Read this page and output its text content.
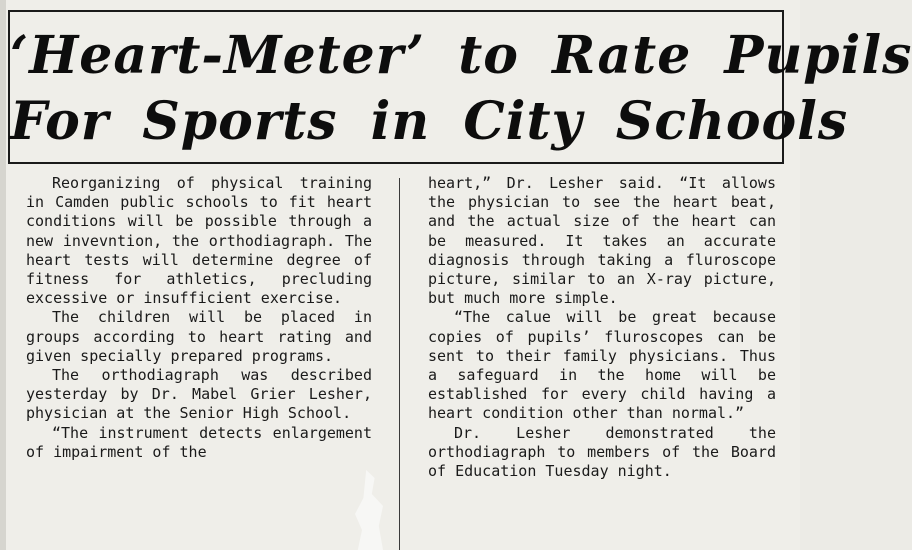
‘Heart-Meter’ to Rate Pupils
For Sports in City Schools

Reorganizing of physical training in Camden public schools to fit heart conditions will be possible through a new invevntion, the orthodiagraph. The heart tests will determine degree of fitness for athletics, precluding excessive or insufficient exercise.

The children will be placed in groups according to heart rating and given specially prepared programs.

The orthodiagraph was described yesterday by Dr. Mabel Grier Lesher, physician at the Senior High School.

“The instrument detects enlargement of impairment of the

heart,” Dr. Lesher said. “It allows the physician to see the heart beat, and the actual size of the heart can be measured. It takes an accurate diagnosis through taking a fluroscope picture, similar to an X-ray picture, but much more simple.

“The calue will be great because copies of pupils’ fluroscopes can be sent to their family physicians. Thus a safeguard in the home will be established for every child having a heart condition other than normal.”

Dr. Lesher demonstrated the orthodiagraph to members of the Board of Education Tuesday night.
